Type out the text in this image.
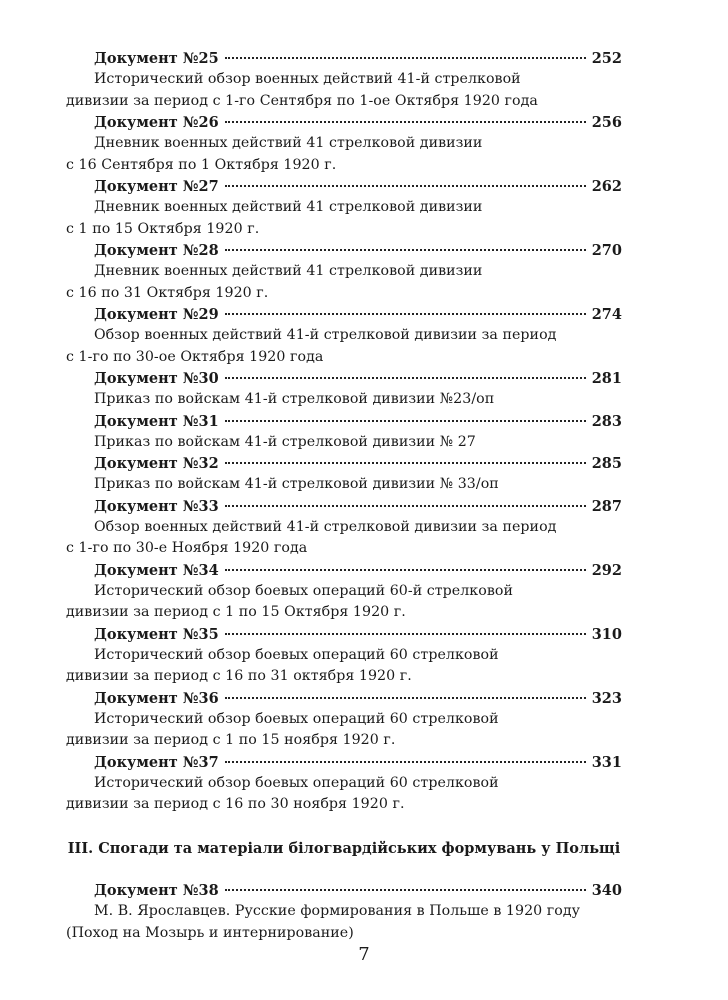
Документ №25	252

Исторический обзор военных действий 41-й стрелковой
дивизии за период с 1-го Сентября по 1-ое Октября 1920 года

Документ №26	256

Дневник военных действий 41 стрелковой дивизии
с 16 Сентября по 1 Октября 1920 г.

Документ №27	262

Дневник военных действий 41 стрелковой дивизии
с 1 по 15 Октября 1920 г.

Документ №28	270

Дневник военных действий 41 стрелковой дивизии
с 16 по 31 Октября 1920 г.

Документ №29	274

Обзор военных действий 41-й стрелковой дивизии за период
с 1-го по 30-ое Октября 1920 года

Документ №30	281

Приказ по войскам 41-й стрелковой дивизии №23/оп

Документ №31	283

Приказ по войскам 41-й стрелковой дивизии № 27

Документ №32	285

Приказ по войскам 41-й стрелковой дивизии № 33/оп

Документ №33	287

Обзор военных действий 41-й стрелковой дивизии за период
с 1-го по 30-е Ноября 1920 года

Документ №34	292

Исторический обзор боевых операций 60-й стрелковой
дивизии за период с 1 по 15 Октября 1920 г.

Документ №35	310

Исторический обзор боевых операций 60 стрелковой
дивизии за период с 16 по 31 октября 1920 г.

Документ №36	323

Исторический обзор боевых операций 60 стрелковой
дивизии за период с 1 по 15 ноября 1920 г.

Документ №37	331

Исторический обзор боевых операций 60 стрелковой
дивизии за период с 16 по 30 ноября 1920 г.

III. Спогади та матеріали білогвардійських формувань у Польщі
Документ №38	340

М. В. Ярославцев. Русские формирования в Польше в 1920 году
(Поход на Мозырь и интернирование)

7
